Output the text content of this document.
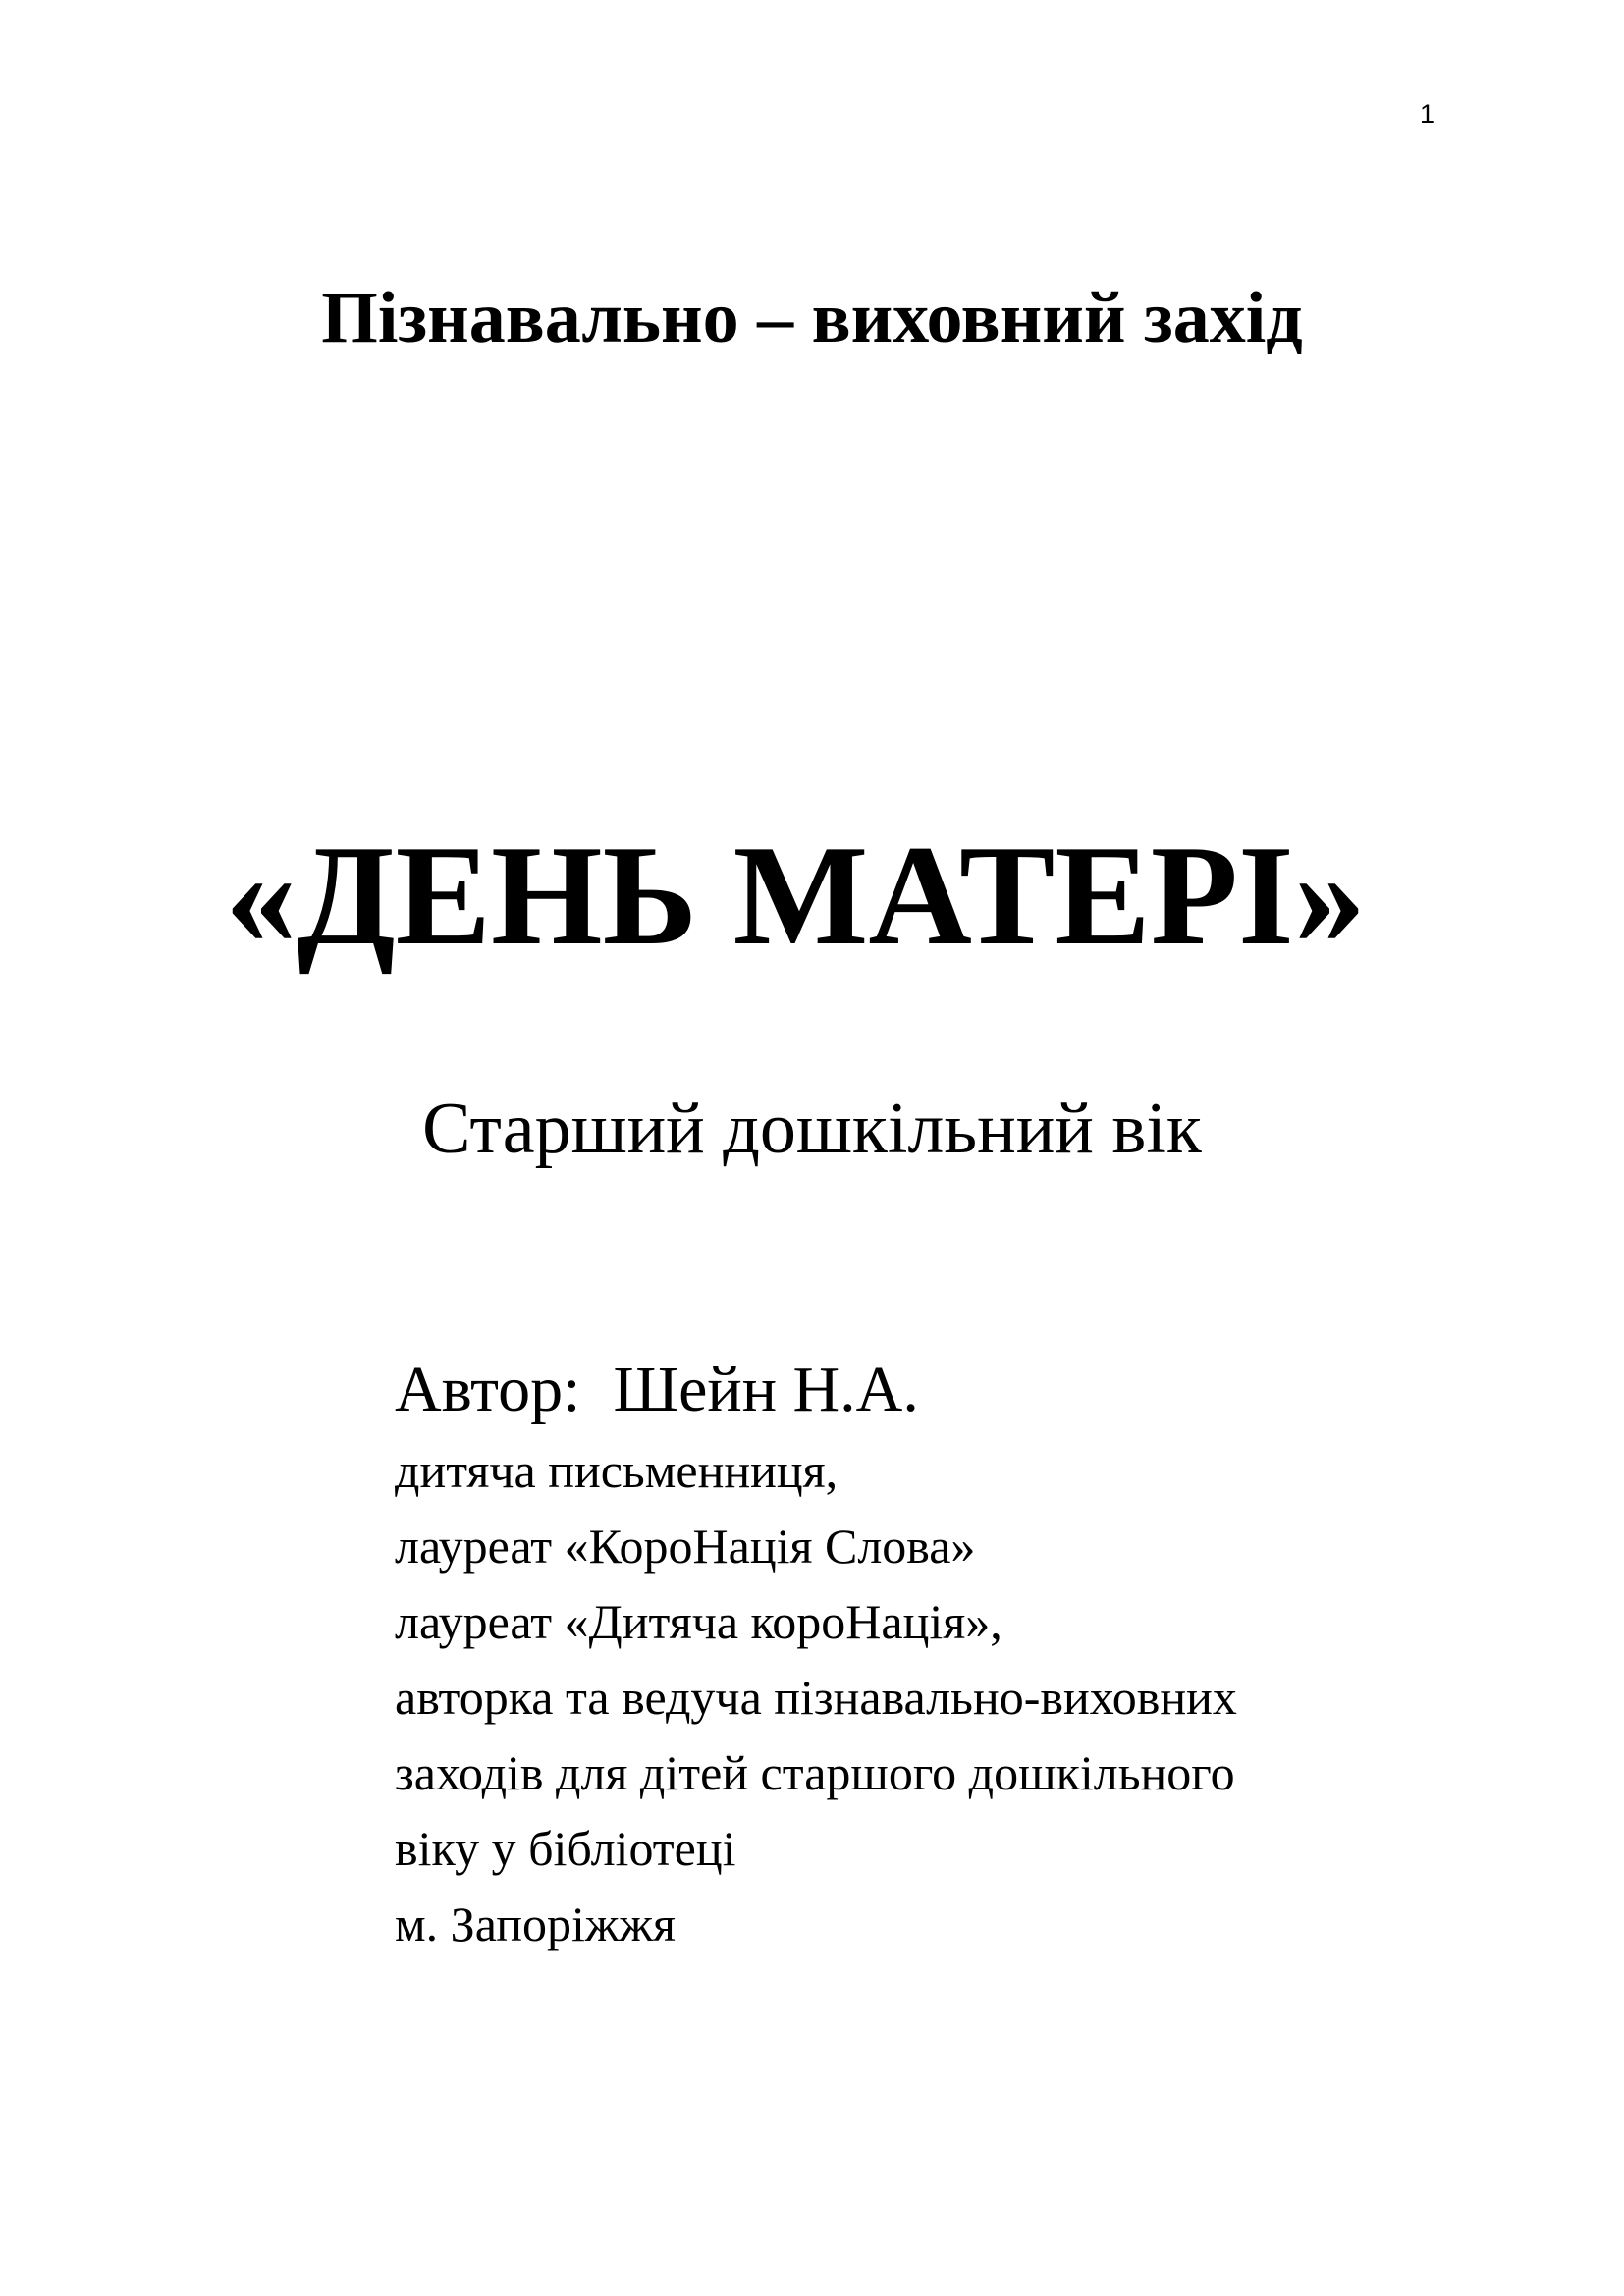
1
Пізнавально – виховний захід
«ДЕНЬ МАТЕРІ»
Старший дошкільний вік
Автор: Шейн Н.А.
дитяча письменниця,
лауреат «КороНація Слова»
лауреат «Дитяча короНація»,
авторка та ведуча пізнавально-виховних
заходів для дітей старшого дошкільного
віку у бібліотеці
м. Запоріжжя
